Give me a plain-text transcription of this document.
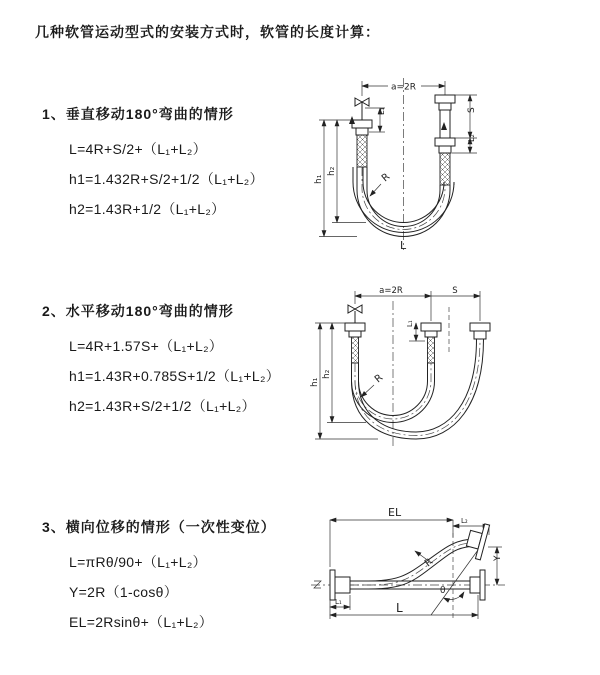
几种软管运动型式的安装方式时，软管的长度计算：
1、垂直移动180°弯曲的情形
L=4R+S/2+（L₁+L₂）
h1=1.432R+S/2+1/2（L₁+L₂）
h2=1.43R+1/2（L₁+L₂）
2、水平移动180°弯曲的情形
L=4R+1.57S+（L₁+L₂）
h1=1.43R+0.785S+1/2（L₁+L₂）
h2=1.43R+S/2+1/2（L₁+L₂）
3、横向位移的情形（一次性变位）
L=πRθ/90+（L₁+L₂）
Y=2R（1-cosθ）
EL=2Rsinθ+（L₁+L₂）
a=2R
R
L
h₁
h₂
L₁	S
L₂
a=2R	S
R
h₁
h₂
L₁
EL
L₂
θ
R	Y
L₁	L
